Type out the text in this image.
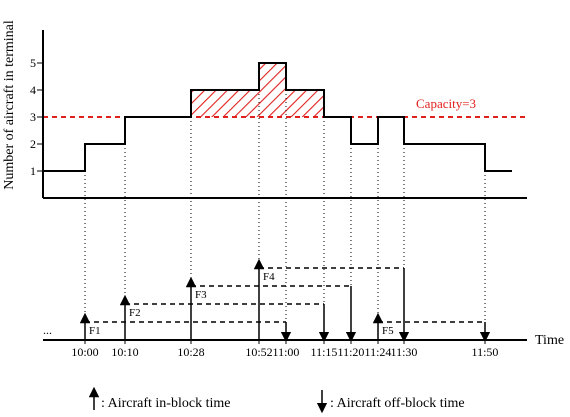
Number of aircraft in terminal	Capacity=3
1
2
3
4
5
F1
F2
F3
F4
F5
...
Time
10:00 10:10	10:28	10:52 11:00 11:15 11:20 11:24 11:30	11:50
: Aircraft in-block time	: Aircraft off-block time
